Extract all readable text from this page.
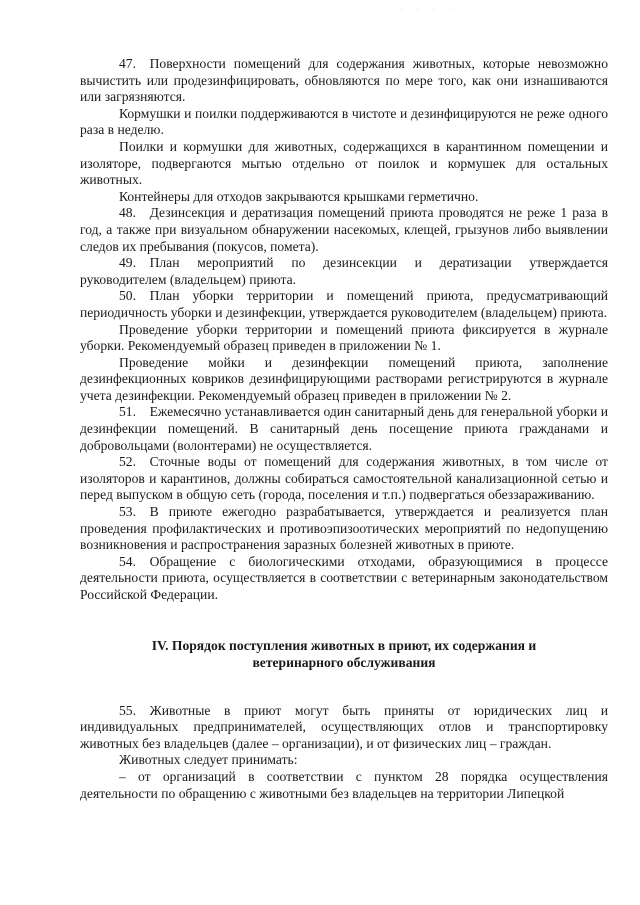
· · · ·

47. Поверхности помещений для содержания животных, которые невозможно вычистить или продезинфицировать, обновляются по мере того, как они изнашиваются или загрязняются.

Кормушки и поилки поддерживаются в чистоте и дезинфицируются не реже одного раза в неделю.

Поилки и кормушки для животных, содержащихся в карантинном помещении и изоляторе, подвергаются мытью отдельно от поилок и кормушек для остальных животных.

Контейнеры для отходов закрываются крышками герметично.

48. Дезинсекция и дератизация помещений приюта проводятся не реже 1 раза в год, а также при визуальном обнаружении насекомых, клещей, грызунов либо выявлении следов их пребывания (покусов, помета).

49. План мероприятий по дезинсекции и дератизации утверждается руководителем (владельцем) приюта.

50. План уборки территории и помещений приюта, предусматривающий периодичность уборки и дезинфекции, утверждается руководителем (владельцем) приюта.

Проведение уборки территории и помещений приюта фиксируется в журнале уборки. Рекомендуемый образец приведен в приложении № 1.

Проведение мойки и дезинфекции помещений приюта, заполнение дезинфекционных ковриков дезинфицирующими растворами регистрируются в журнале учета дезинфекции. Рекомендуемый образец приведен в приложении № 2.

51. Ежемесячно устанавливается один санитарный день для генеральной уборки и дезинфекции помещений. В санитарный день посещение приюта гражданами и добровольцами (волонтерами) не осуществляется.

52. Сточные воды от помещений для содержания животных, в том числе от изоляторов и карантинов, должны собираться самостоятельной канализационной сетью и перед выпуском в общую сеть (города, поселения и т.п.) подвергаться обеззараживанию.

53. В приюте ежегодно разрабатывается, утверждается и реализуется план проведения профилактических и противоэпизоотических мероприятий по недопущению возникновения и распространения заразных болезней животных в приюте.

54. Обращение с биологическими отходами, образующимися в процессе деятельности приюта, осуществляется в соответствии с ветеринарным законодательством Российской Федерации.

IV. Порядок поступления животных в приют, их содержания и
ветеринарного обслуживания

55. Животные в приют могут быть приняты от юридических лиц и индивидуальных предпринимателей, осуществляющих отлов и транспортировку животных без владельцев (далее – организации), и от физических лиц – граждан.

Животных следует принимать:

– от организаций в соответствии с пунктом 28 порядка осуществления деятельности по обращению с животными без владельцев на территории Липецкой
